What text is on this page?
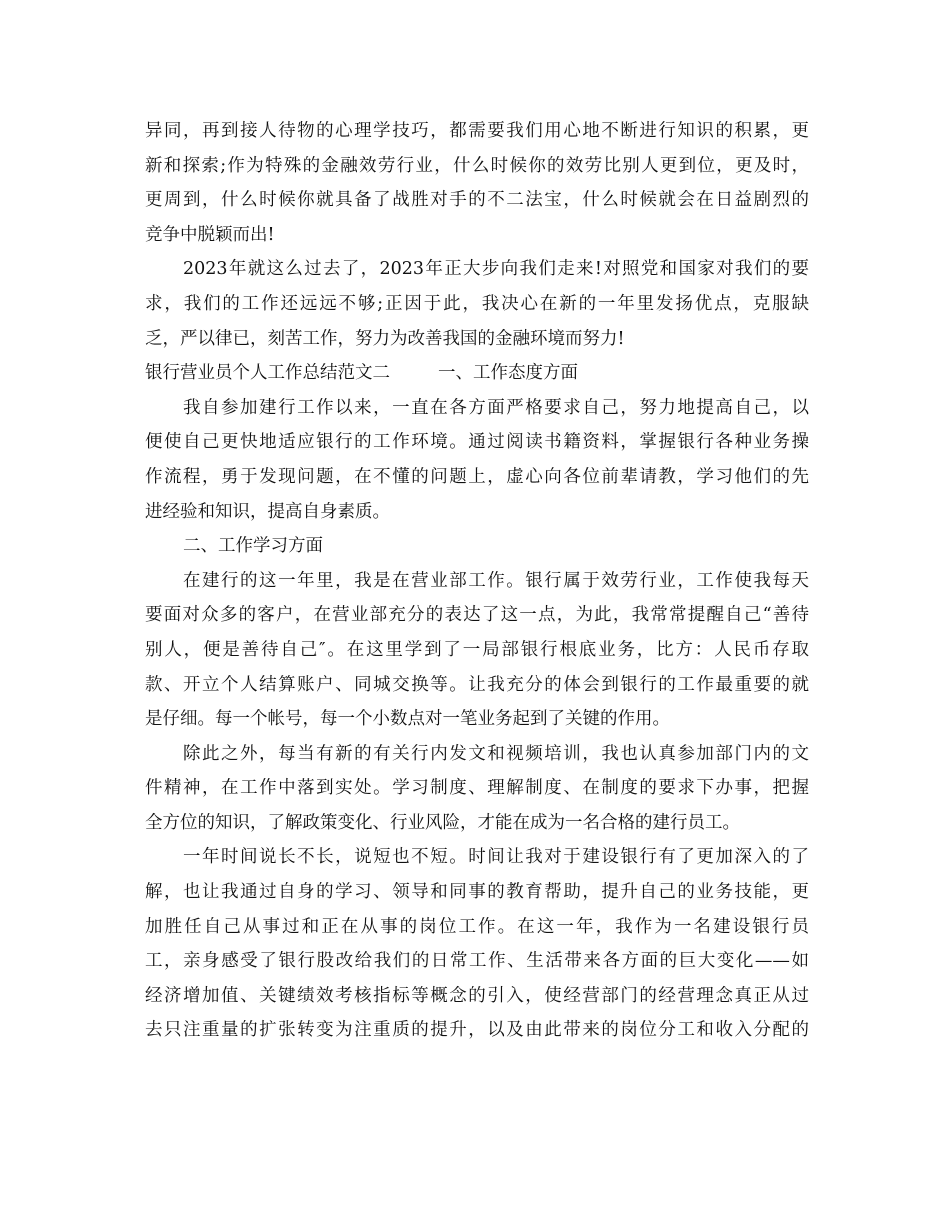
异同，再到接人待物的心理学技巧，都需要我们用心地不断进行知识的积累，更
新和探索;作为特殊的金融效劳行业，什么时候你的效劳比别人更到位，更及时，
更周到，什么时候你就具备了战胜对手的不二法宝，什么时候就会在日益剧烈的
竞争中脱颖而出!
2023年就这么过去了，2023年正大步向我们走来!对照党和国家对我们的要
求，我们的工作还远远不够;正因于此，我决心在新的一年里发扬优点，克服缺
乏，严以律已，刻苦工作，努力为改善我国的金融环境而努力!
银行营业员个人工作总结范文二	一、工作态度方面
我自参加建行工作以来，一直在各方面严格要求自己，努力地提高自己，以
便使自己更快地适应银行的工作环境。通过阅读书籍资料，掌握银行各种业务操
作流程，勇于发现问题，在不懂的问题上，虚心向各位前辈请教，学习他们的先
进经验和知识，提高自身素质。
二、工作学习方面
在建行的这一年里，我是在营业部工作。银行属于效劳行业，工作使我每天
要面对众多的客户，在营业部充分的表达了这一点，为此，我常常提醒自己“善待
别人，便是善待自己″。在这里学到了一局部银行根底业务，比方：人民币存取
款、开立个人结算账户、同城交换等。让我充分的体会到银行的工作最重要的就
是仔细。每一个帐号，每一个小数点对一笔业务起到了关键的作用。
除此之外，每当有新的有关行内发文和视频培训，我也认真参加部门内的文
件精神，在工作中落到实处。学习制度、理解制度、在制度的要求下办事，把握
全方位的知识，了解政策变化、行业风险，才能在成为一名合格的建行员工。
一年时间说长不长，说短也不短。时间让我对于建设银行有了更加深入的了
解，也让我通过自身的学习、领导和同事的教育帮助，提升自己的业务技能，更
加胜任自己从事过和正在从事的岗位工作。在这一年，我作为一名建设银行员
工，亲身感受了银行股改给我们的日常工作、生活带来各方面的巨大变化——如
经济增加值、关键绩效考核指标等概念的引入，使经营部门的经营理念真正从过
去只注重量的扩张转变为注重质的提升，以及由此带来的岗位分工和收入分配的
